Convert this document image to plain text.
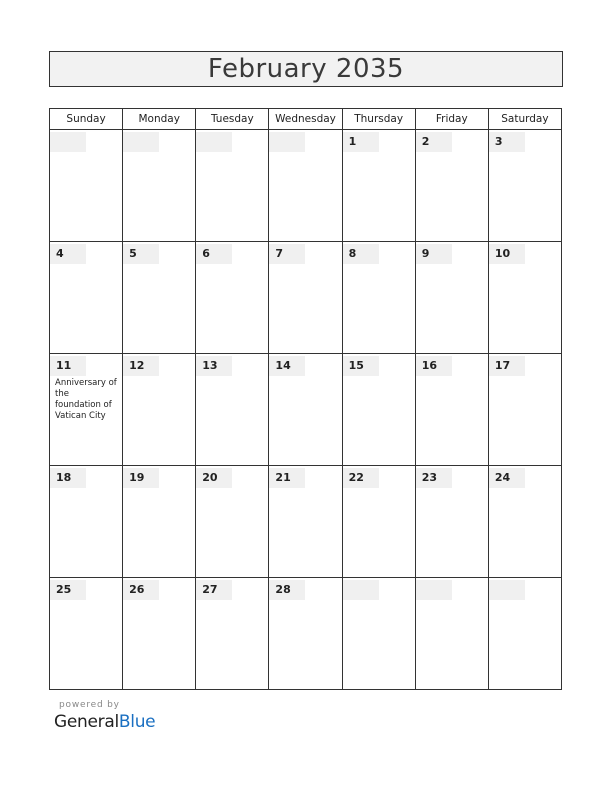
February 2035
Sunday	Monday	Tuesday	Wednesday	Thursday	Friday	Saturday

				1	2	3

4	5	6	7	8	9	10

11
Anniversary of the foundation of Vatican City	12	13	14	15	16	17

18	19	20	21	22	23	24

25	26	27	28			

powered by
GeneralBlue
